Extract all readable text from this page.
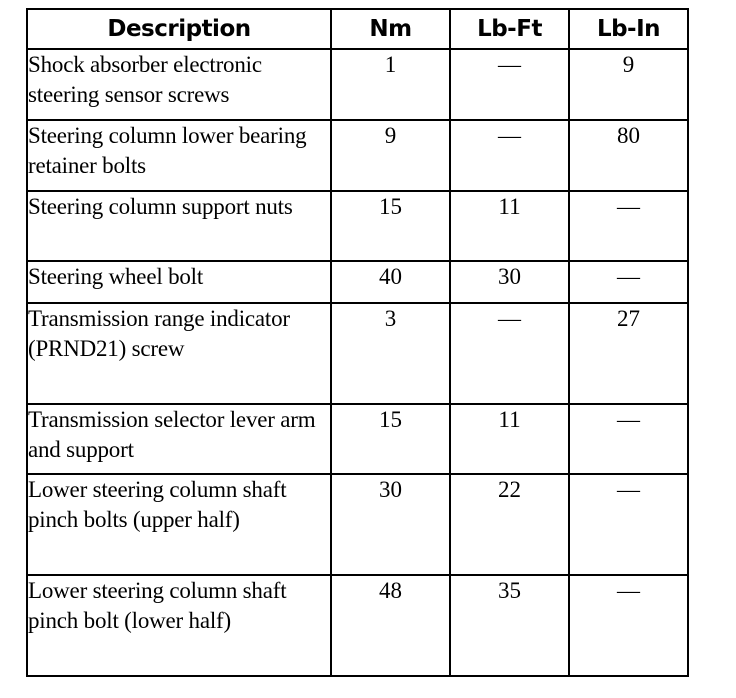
Description	Nm	Lb-Ft	Lb-In
Shock absorber electronic steering sensor screws	1	—	9
Steering column lower bearing retainer bolts	9	—	80
Steering column support nuts	15	11	—
Steering wheel bolt	40	30	—
Transmission range indicator (PRND21) screw	3	—	27
Transmission selector lever arm and support	15	11	—
Lower steering column shaft pinch bolts (upper half)	30	22	—
Lower steering column shaft pinch bolt (lower half)	48	35	—
